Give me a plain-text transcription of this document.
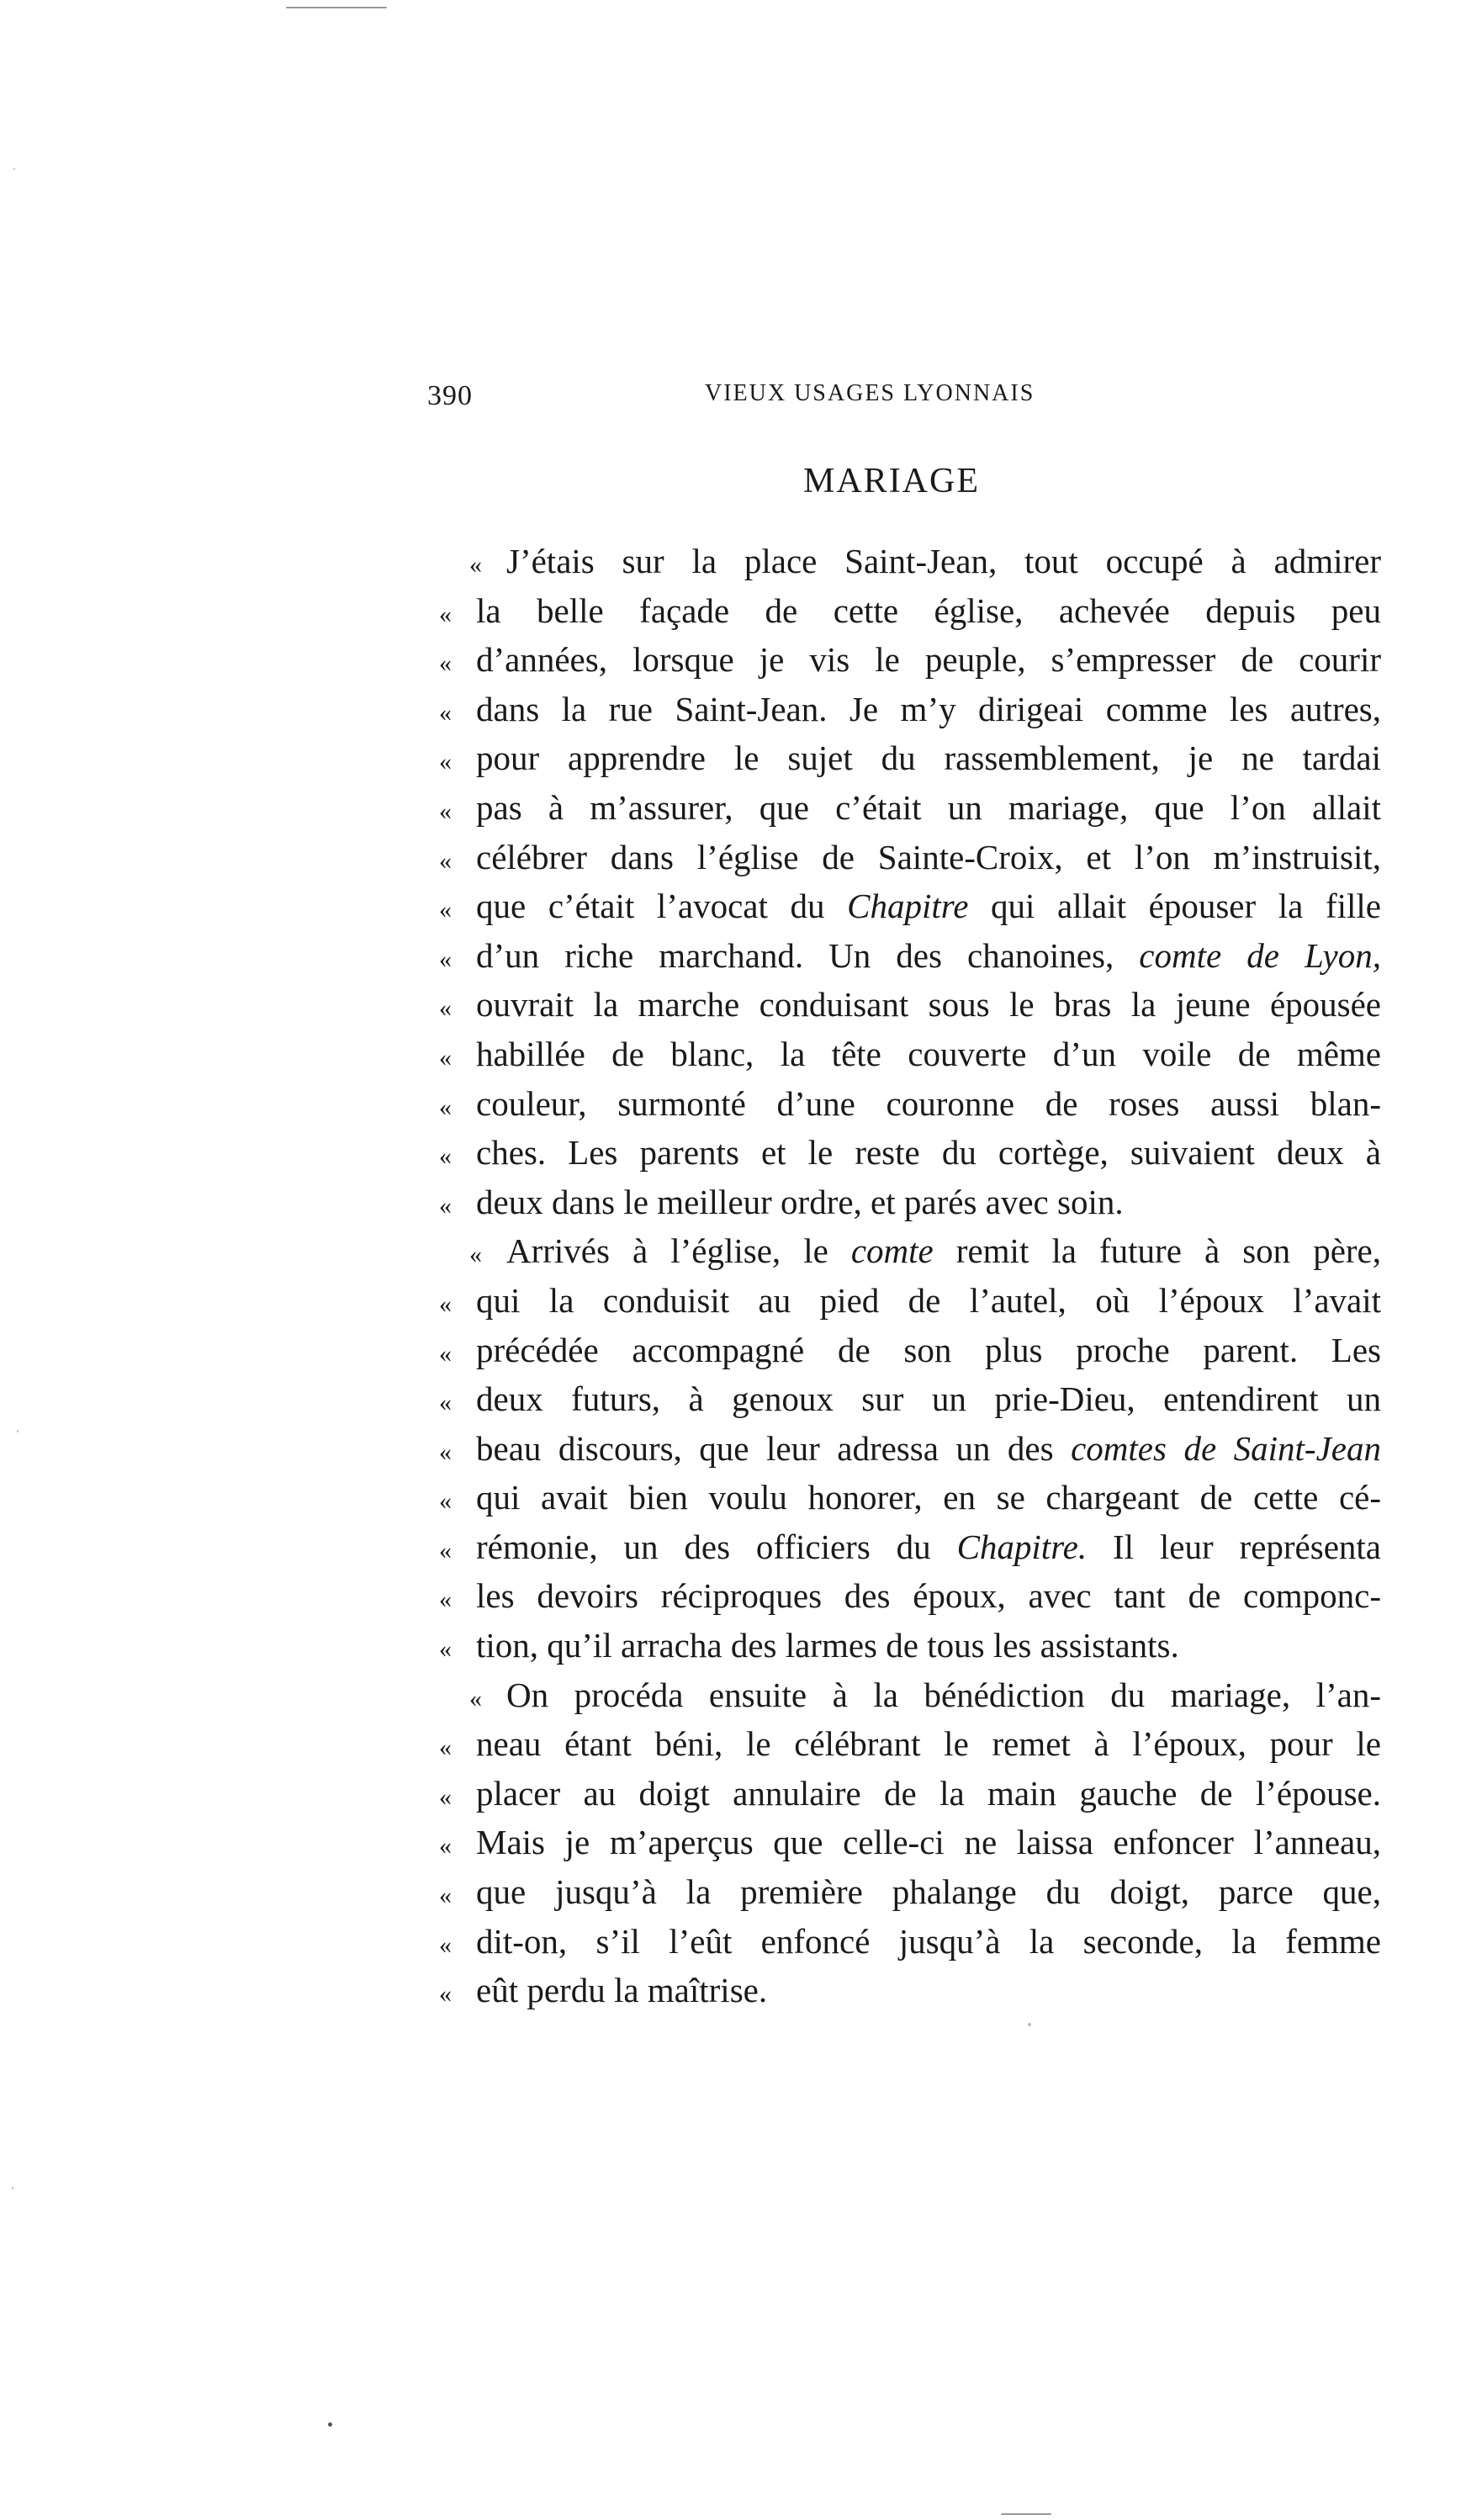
390	VIEUX USAGES LYONNAIS
MARIAGE
« J’étais sur la place Saint-Jean, tout occupé à admirer
« la belle façade de cette église, achevée depuis peu
« d’années, lorsque je vis le peuple, s’empresser de courir
« dans la rue Saint-Jean. Je m’y dirigeai comme les autres,
« pour apprendre le sujet du rassemblement, je ne tardai
« pas à m’assurer, que c’était un mariage, que l’on allait
« célébrer dans l’église de Sainte-Croix, et l’on m’instruisit,
« que c’était l’avocat du Chapitre qui allait épouser la fille
« d’un riche marchand. Un des chanoines, comte de Lyon,
« ouvrait la marche conduisant sous le bras la jeune épousée
« habillée de blanc, la tête couverte d’un voile de même
« couleur, surmonté d’une couronne de roses aussi blan-
« ches. Les parents et le reste du cortège, suivaient deux à
« deux dans le meilleur ordre, et parés avec soin.
« Arrivés à l’église, le comte remit la future à son père,
« qui la conduisit au pied de l’autel, où l’époux l’avait
« précédée accompagné de son plus proche parent. Les
« deux futurs, à genoux sur un prie-Dieu, entendirent un
« beau discours, que leur adressa un des comtes de Saint-Jean
« qui avait bien voulu honorer, en se chargeant de cette cé-
« rémonie, un des officiers du Chapitre. Il leur représenta
« les devoirs réciproques des époux, avec tant de componc-
« tion, qu’il arracha des larmes de tous les assistants.
« On procéda ensuite à la bénédiction du mariage, l’an-
« neau étant béni, le célébrant le remet à l’époux, pour le
« placer au doigt annulaire de la main gauche de l’épouse.
« Mais je m’aperçus que celle-ci ne laissa enfoncer l’anneau,
« que jusqu’à la première phalange du doigt, parce que,
« dit-on, s’il l’eût enfoncé jusqu’à la seconde, la femme
« eût perdu la maîtrise.
